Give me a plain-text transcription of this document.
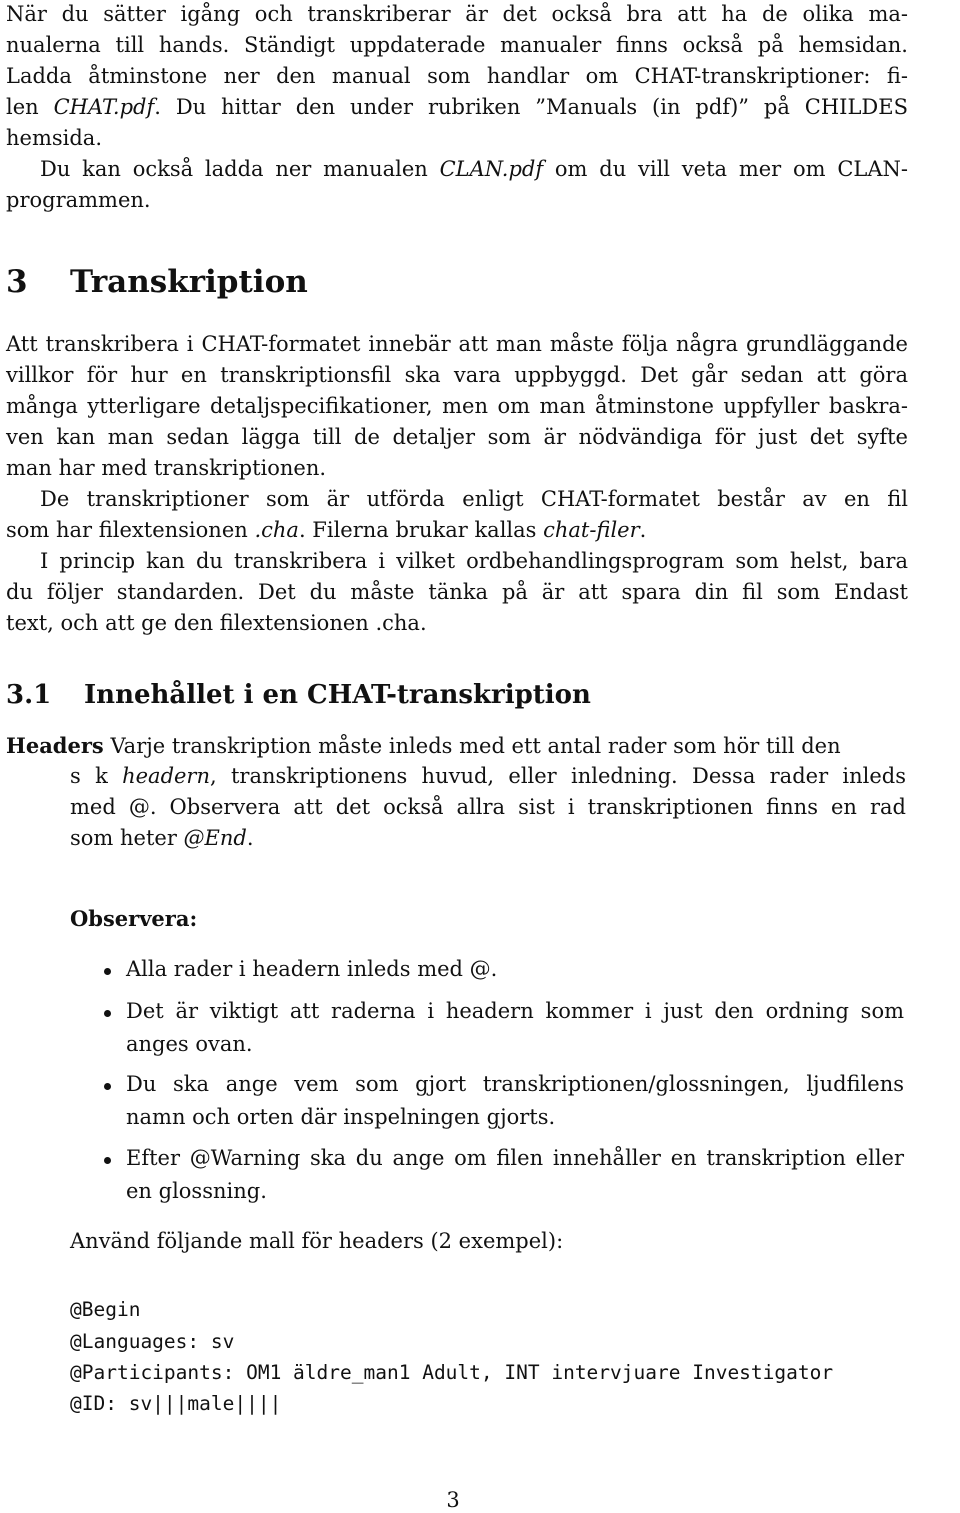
När du sätter igång och transkriberar är det också bra att ha de olika ma-
nualerna till hands. Ständigt uppdaterade manualer finns också på hemsidan.
Ladda åtminstone ner den manual som handlar om CHAT-transkriptioner: fi-
len CHAT.pdf. Du hittar den under rubriken ”Manuals (in pdf)” på CHILDES
hemsida.
Du kan också ladda ner manualen CLAN.pdf om du vill veta mer om CLAN-
programmen.
3 Transkription
Att transkribera i CHAT-formatet innebär att man måste följa några grundläggande
villkor för hur en transkriptionsfil ska vara uppbyggd. Det går sedan att göra
många ytterligare detaljspecifikationer, men om man åtminstone uppfyller baskra-
ven kan man sedan lägga till de detaljer som är nödvändiga för just det syfte
man har med transkriptionen.
De transkriptioner som är utförda enligt CHAT-formatet består av en fil
som har filextensionen .cha. Filerna brukar kallas chat-filer.
I princip kan du transkribera i vilket ordbehandlingsprogram som helst, bara
du följer standarden. Det du måste tänka på är att spara din fil som Endast
text, och att ge den filextensionen .cha.
3.1 Innehållet i en CHAT-transkription
Headers Varje transkription måste inleds med ett antal rader som hör till den
s k headern, transkriptionens huvud, eller inledning. Dessa rader inleds
med @. Observera att det också allra sist i transkriptionen finns en rad
som heter @End.
Observera:
Alla rader i headern inleds med @.
Det är viktigt att raderna i headern kommer i just den ordning som
anges ovan.
Du ska ange vem som gjort transkriptionen/glossningen, ljudfilens
namn och orten där inspelningen gjorts.
Efter @Warning ska du ange om filen innehåller en transkription eller
en glossning.
Använd följande mall för headers (2 exempel):
@Begin
@Languages: sv
@Participants: OM1 äldre_man1 Adult, INT intervjuare Investigator
@ID: sv|||male||||
3
